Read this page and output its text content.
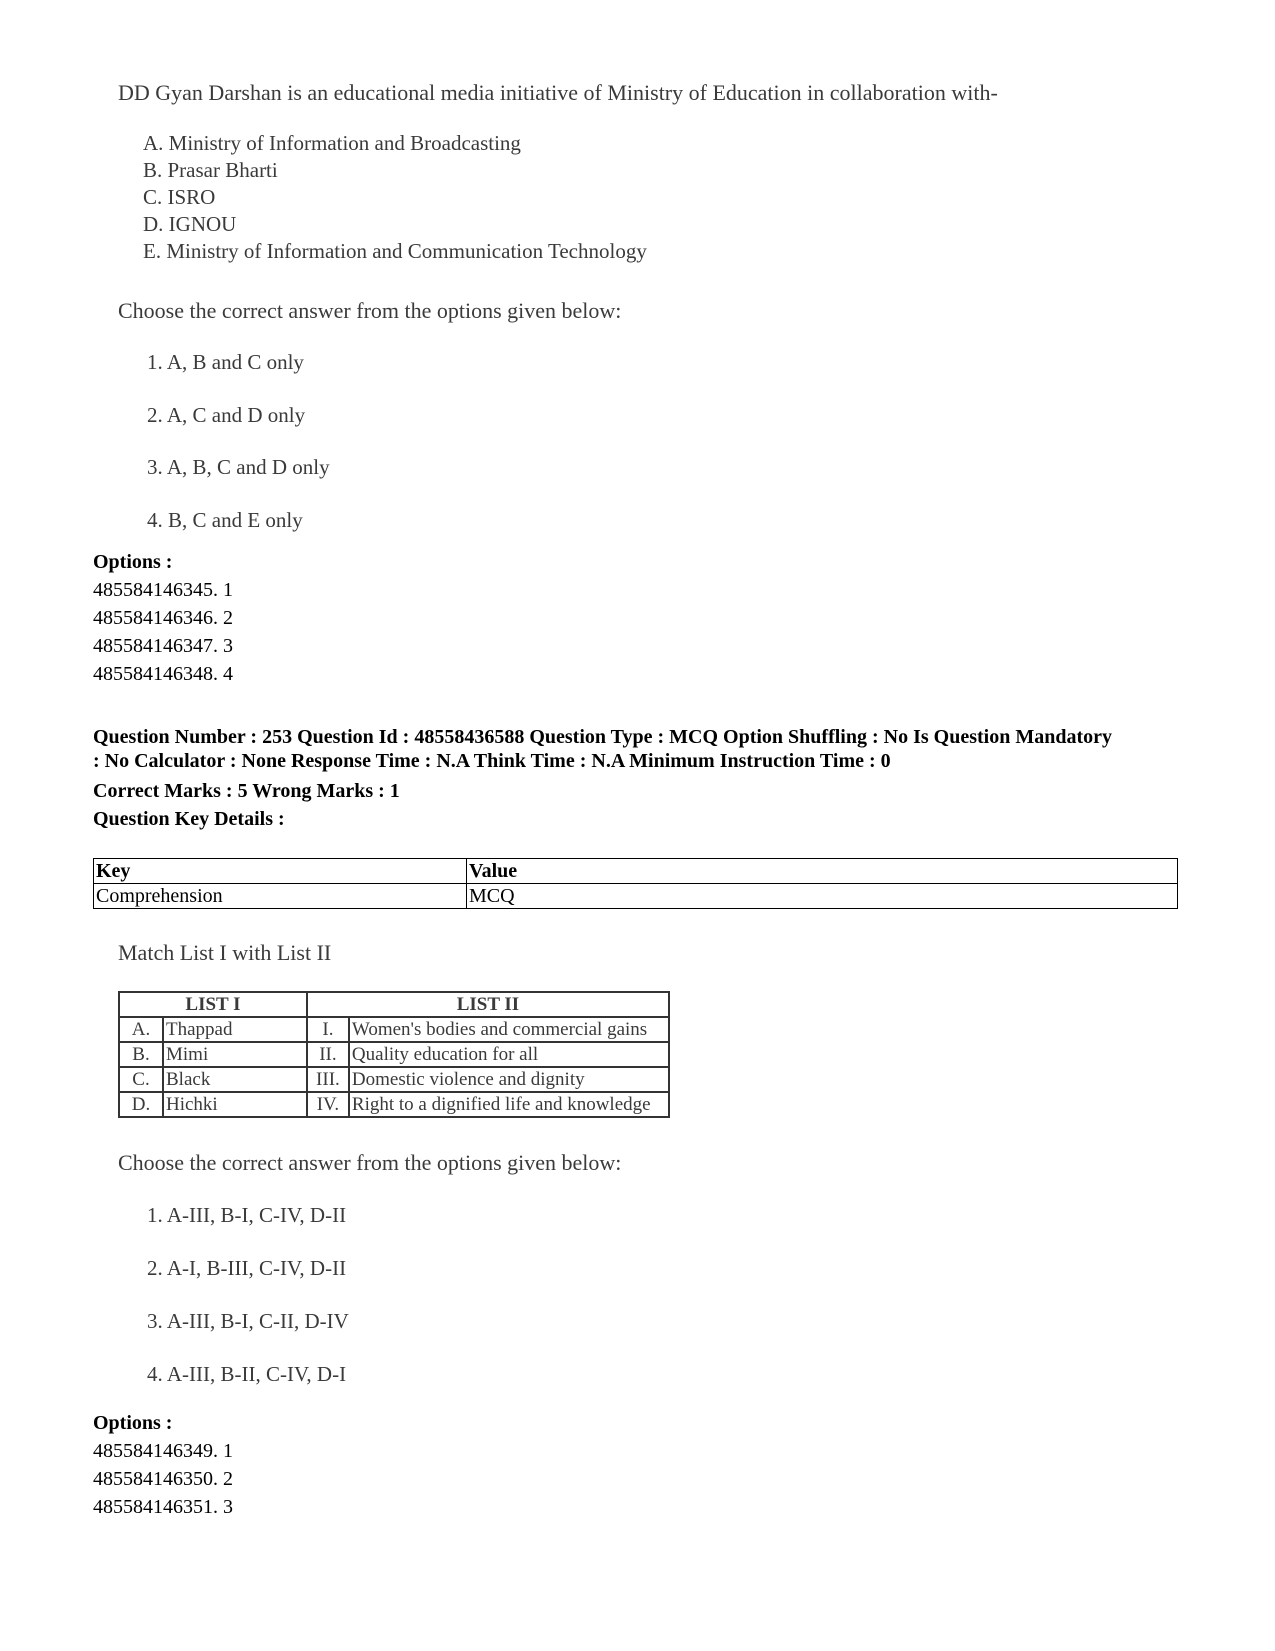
DD Gyan Darshan is an educational media initiative of Ministry of Education in collaboration with-
A. Ministry of Information and Broadcasting
B. Prasar Bharti
C. ISRO
D. IGNOU
E. Ministry of Information and Communication Technology
Choose the correct answer from the options given below:
1. A, B and C only
2. A, C and D only
3. A, B, C and D only
4. B, C and E only
Options :
485584146345. 1
485584146346. 2
485584146347. 3
485584146348. 4
Question Number : 253 Question Id : 48558436588 Question Type : MCQ Option Shuffling : No Is Question Mandatory
: No Calculator : None Response Time : N.A Think Time : N.A Minimum Instruction Time : 0
Correct Marks : 5 Wrong Marks : 1
Question Key Details :
Key	Value
Comprehension	MCQ
Match List I with List II
LIST I		LIST II	
A.	Thappad	I.	Women's bodies and commercial gains
B.	Mimi	II.	Quality education for all
C.	Black	III.	Domestic violence and dignity
D.	Hichki	IV.	Right to a dignified life and knowledge
Choose the correct answer from the options given below:
1. A-III, B-I, C-IV, D-II
2. A-I, B-III, C-IV, D-II
3. A-III, B-I, C-II, D-IV
4. A-III, B-II, C-IV, D-I
Options :
485584146349. 1
485584146350. 2
485584146351. 3
